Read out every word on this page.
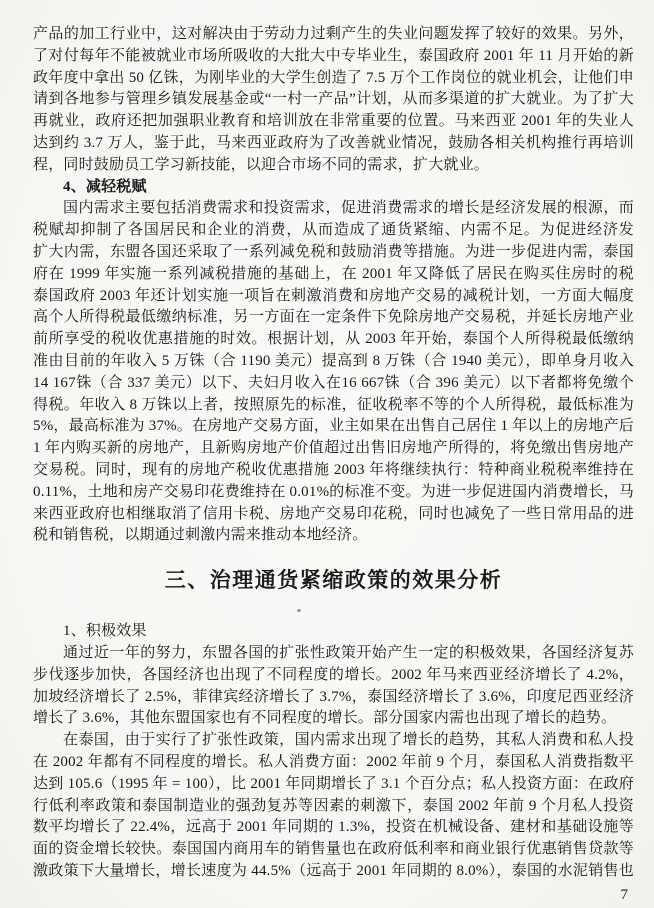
产品的加工行业中，这对解决由于劳动力过剩产生的失业问题发挥了较好的效果。另外，
了对付每年不能被就业市场所吸收的大批大中专毕业生，泰国政府 2001 年 11 月开始的新
政年度中拿出 50 亿铢，为刚毕业的大学生创造了 7.5 万个工作岗位的就业机会，让他们申
请到各地参与管理乡镇发展基金或“一村一产品”计划，从而多渠道的扩大就业。为了扩大
再就业，政府还把加强职业教育和培训放在非常重要的位置。马来西亚 2001 年的失业人
达到约 3.7 万人，鉴于此，马来西亚政府为了改善就业情况，鼓励各相关机构推行再培训
程，同时鼓励员工学习新技能，以迎合市场不同的需求，扩大就业。
4、减轻税赋
国内需求主要包括消费需求和投资需求，促进消费需求的增长是经济发展的根源，而
税赋却抑制了各国居民和企业的消费，从而造成了通货紧缩、内需不足。为促进经济发
扩大内需，东盟各国还采取了一系列减免税和鼓励消费等措施。为进一步促进内需，泰国
府在 1999 年实施一系列减税措施的基础上，在 2001 年又降低了居民在购买住房时的税
泰国政府 2003 年还计划实施一项旨在刺激消费和房地产交易的减税计划，一方面大幅度
高个人所得税最低缴纳标准，另一方面在一定条件下免除房地产交易税，并延长房地产业
前所享受的税收优惠措施的时效。根据计划，从 2003 年开始，泰国个人所得税最低缴纳
准由目前的年收入 5 万铢（合 1190 美元）提高到 8 万铢（合 1940 美元），即单身月收入
14 167铢（合 337 美元）以下、夫妇月收入在16 667铢（合 396 美元）以下者都将免缴个
得税。年收入 8 万铢以上者，按照原先的标准，征收税率不等的个人所得税，最低标准为
5%，最高标准为 37%。在房地产交易方面，业主如果在出售自己居住 1 年以上的房地产后
1 年内购买新的房地产，且新购房地产价值超过出售旧房地产所得的，将免缴出售房地产
交易税。同时，现有的房地产税收优惠措施 2003 年将继续执行：特种商业税税率维持在
0.11%，土地和房产交易印花费维持在 0.01%的标准不变。为进一步促进国内消费增长，马
来西亚政府也相继取消了信用卡税、房地产交易印花税，同时也减免了一些日常用品的进
税和销售税，以期通过刺激内需来推动本地经济。
三、治理通货紧缩政策的效果分析
1、积极效果
通过近一年的努力，东盟各国的扩张性政策开始产生一定的积极效果，各国经济复苏
步伐逐步加快，各国经济也出现了不同程度的增长。2002 年马来西亚经济增长了 4.2%，
加坡经济增长了 2.5%，菲律宾经济增长了 3.7%，泰国经济增长了 3.6%，印度尼西亚经济
增长了 3.6%，其他东盟国家也有不同程度的增长。部分国家内需也出现了增长的趋势。
在泰国，由于实行了扩张性政策，国内需求出现了增长的趋势，其私人消费和私人投
在 2002 年都有不同程度的增长。私人消费方面：2002 年前 9 个月，泰国私人消费指数平
达到 105.6（1995 年 = 100），比 2001 年同期增长了 3.1 个百分点；私人投资方面：在政府
行低利率政策和泰国制造业的强劲复苏等因素的刺激下，泰国 2002 年前 9 个月私人投资
数平均增长了 22.4%，远高于 2001 年同期的 1.3%，投资在机械设备、建材和基础设施等
面的资金增长较快。泰国国内商用车的销售量也在政府低利率和商业银行优惠销售贷款等
激政策下大量增长，增长速度为 44.5%（远高于 2001 年同期的 8.0%），泰国的水泥销售也
7
